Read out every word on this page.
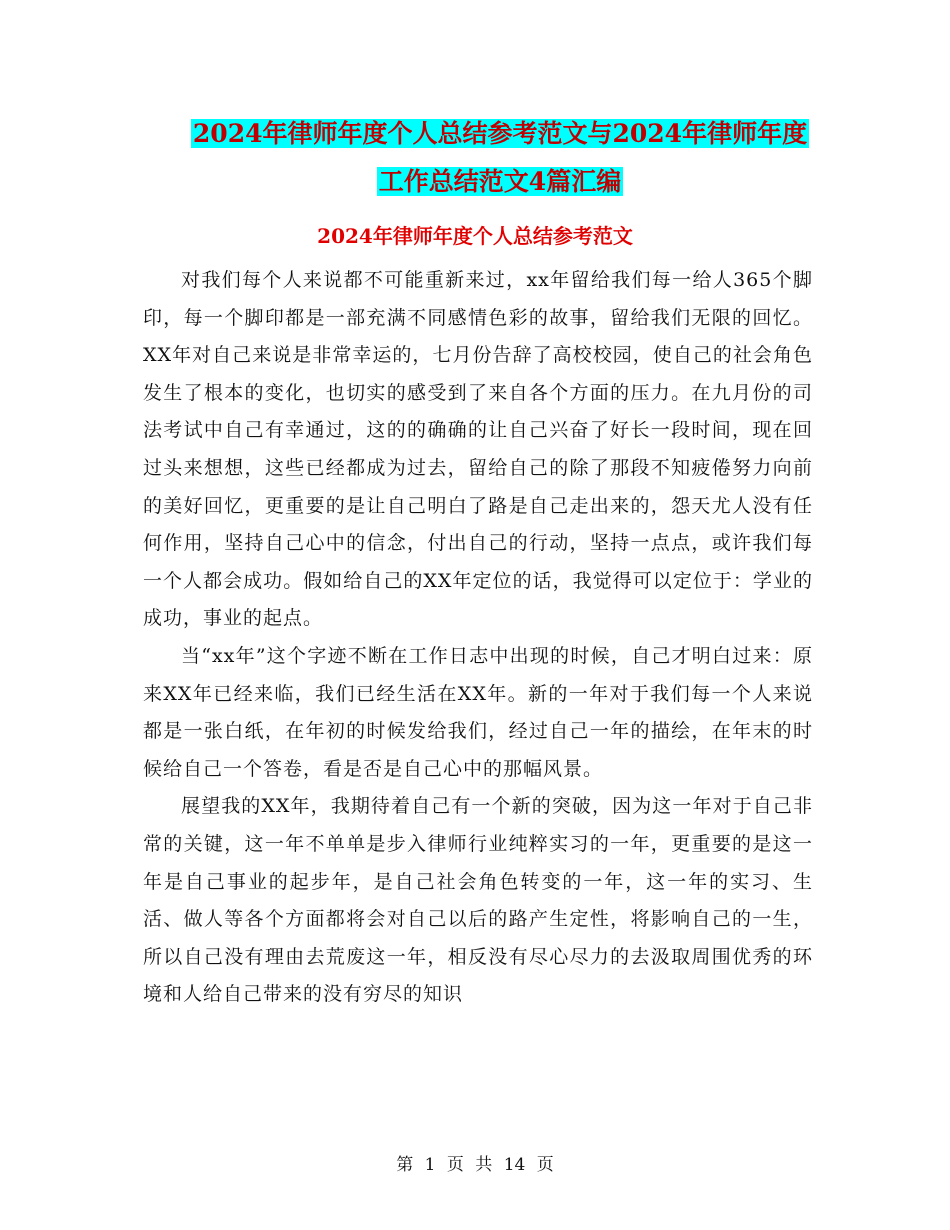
2024年律师年度个人总结参考范文与2024年律师年度
工作总结范文4篇汇编
2024年律师年度个人总结参考范文

对我们每个人来说都不可能重新来过，xx年留给我们每一给人365个脚印，每一个脚印都是一部充满不同感情色彩的故事，留给我们无限的回忆。XX年对自己来说是非常幸运的，七月份告辞了高校校园，使自己的社会角色发生了根本的变化，也切实的感受到了来自各个方面的压力。在九月份的司法考试中自己有幸通过，这的的确确的让自己兴奋了好长一段时间，现在回过头来想想，这些已经都成为过去，留给自己的除了那段不知疲倦努力向前的美好回忆，更重要的是让自己明白了路是自己走出来的，怨天尤人没有任何作用，坚持自己心中的信念，付出自己的行动，坚持一点点，或许我们每一个人都会成功。假如给自己的XX年定位的话，我觉得可以定位于：学业的成功，事业的起点。

当“xx年”这个字迹不断在工作日志中出现的时候，自己才明白过来：原来XX年已经来临，我们已经生活在XX年。新的一年对于我们每一个人来说都是一张白纸，在年初的时候发给我们，经过自己一年的描绘，在年末的时候给自己一个答卷，看是否是自己心中的那幅风景。

展望我的XX年，我期待着自己有一个新的突破，因为这一年对于自己非常的关键，这一年不单单是步入律师行业纯粹实习的一年，更重要的是这一年是自己事业的起步年，是自己社会角色转变的一年，这一年的实习、生活、做人等各个方面都将会对自己以后的路产生定性，将影响自己的一生，所以自己没有理由去荒废这一年，相反没有尽心尽力的去汲取周围优秀的环境和人给自己带来的没有穷尽的知识

第 1 页 共 14 页
